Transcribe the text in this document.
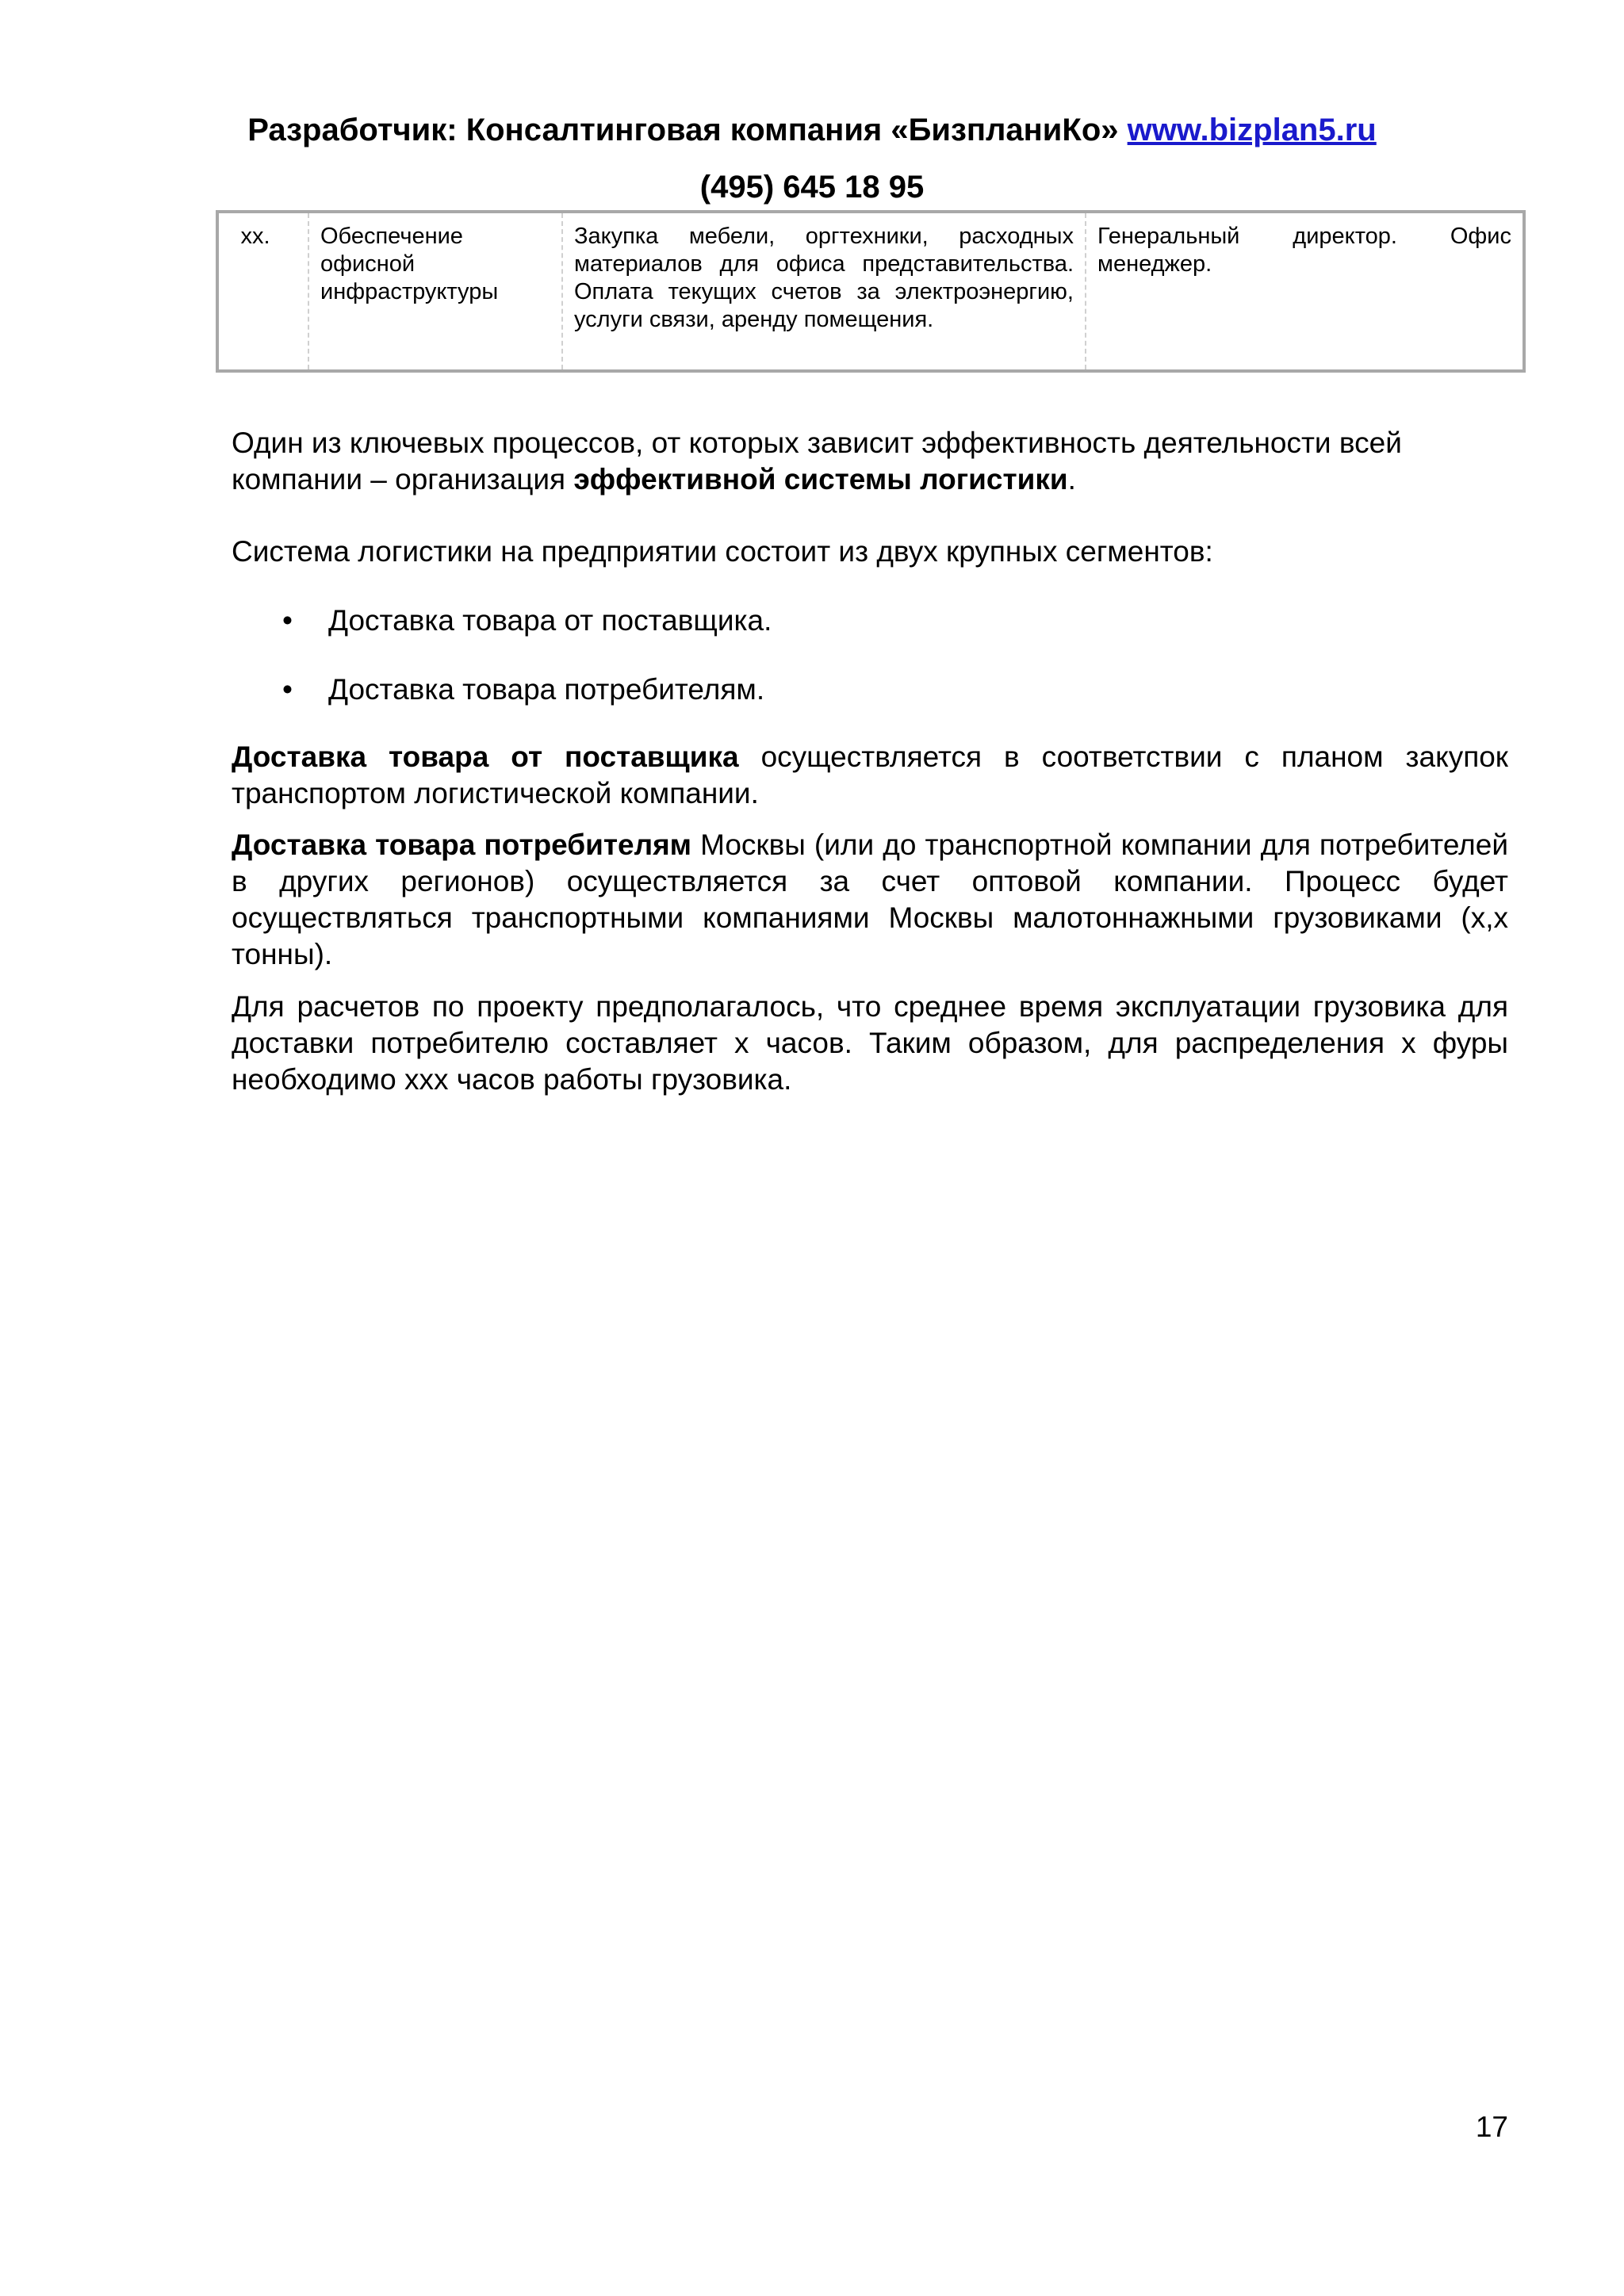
Разработчик: Консалтинговая компания «БизпланиКо» www.bizplan5.ru
(495) 645 18 95
хх.	Обеспечение офисной инфраструктуры	Закупка мебели, оргтехники, расходных материалов для офиса представительства. Оплата текущих счетов за электроэнергию, услуги связи, аренду помещения.	Генеральный директор. Офис менеджер.
Один из ключевых процессов, от которых зависит эффективность деятельности всей компании – организация эффективной системы логистики.
Система логистики на предприятии состоит из двух крупных сегментов:
• Доставка товара от поставщика.
• Доставка товара потребителям.
Доставка товара от поставщика осуществляется в соответствии с планом закупок транспортом логистической компании.
Доставка товара потребителям Москвы (или до транспортной компании для потребителей в других регионов) осуществляется за счет оптовой компании. Процесс будет осуществляться транспортными компаниями Москвы малотоннажными грузовиками (х,х тонны).
Для расчетов по проекту предполагалось, что среднее время эксплуатации грузовика для доставки потребителю составляет х часов. Таким образом, для распределения х фуры необходимо ххх часов работы грузовика.
17
